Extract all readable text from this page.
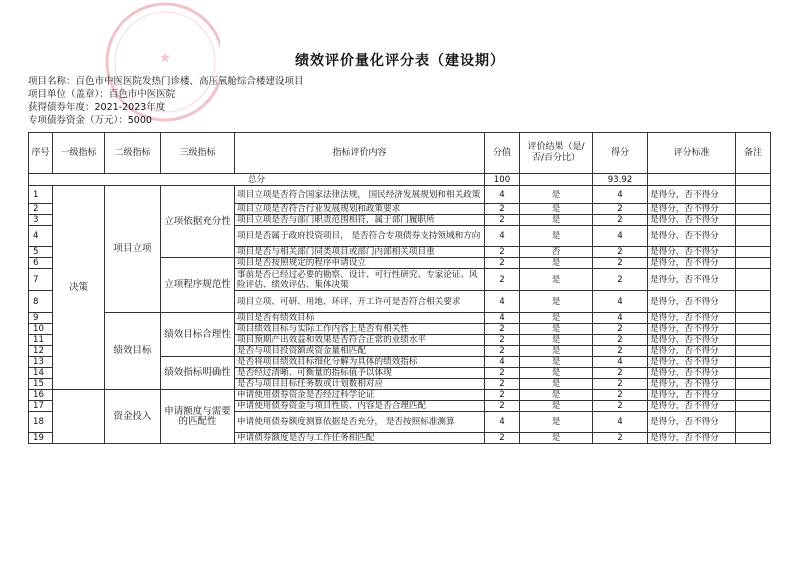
★	绩效评价量化评分表（建设期）
项目名称：百色市中医医院发热门诊楼、高压氧舱综合楼建设项目
项目单位（盖章）：百色市中医医院
获得债券年度：2021-2023年度
专项债券资金（万元）：5000
序号	一级指标	二级指标	三级指标	指标评价内容	分值	评价结果（是/否/百分比）	得分	评分标准	备注
总分					100		93.92		
1	决策	项目立项	立项依据充分性	项目立项是否符合国家法律法规， 国民经济发展规划和相关政策	4	是	4	是得分，否不得分	
2				项目立项是否符合行业发展规划和政策要求	2	是	2	是得分，否不得分	
3				项目立项是否与部门职责范围相符，属于部门履职所	2	是	2	是得分，否不得分	
4				项目是否属于政府投资项目， 是否符合专项债券支持领域和方向	4	是	4	是得分，否不得分	
5				项目是否与相关部门同类项目或部门内部相关项目重	2	否	2	是得分，否不得分	
6			立项程序规范性	项目是否按照规定的程序申请设立	2	是	2	是得分，否不得分	
7				事前是否已经过必要的勘察、设计、可行性研究、专家论证、风险评估、绩效评估、集体决策	2	是	2	是得分，否不得分	
8				项目立项、可研、用地、环评、开工许可是否符合相关要求	4	是	4	是得分，否不得分	
9		绩效目标	绩效目标合理性	项目是否有绩效目标	4	是	4	是得分，否不得分	
10				项目绩效目标与实际工作内容上是否有相关性	2	是	2	是得分，否不得分	
11				项目预期产出效益和效果是否符合正常的业绩水平	2	是	2	是得分，否不得分	
12				是否与项目投资额或资金量相匹配	2	是	2	是得分，否不得分	
13			绩效指标明确性	是否将项目绩效目标细化分解为具体的绩效指标	4	是	4	是得分，否不得分	
14				是否经过清晰、可衡量的指标值予以体现	2	是	2	是得分，否不得分	
15				是否与项目目标任务数或计划数相对应	2	是	2	是得分，否不得分	
16		资金投入	申请额度与需要的匹配性	申请使用债券资金是否经过科学论证	2	是	2	是得分，否不得分	
17				申请使用债券资金与项目性质、内容是否合理匹配	2	是	2	是得分，否不得分	
18				申请使用债券额度测算依据是否充分， 是否按照标准测算	4	是	4	是得分，否不得分	
19				申请债券额度是否与工作任务相匹配	2	是	2	是得分，否不得分	
